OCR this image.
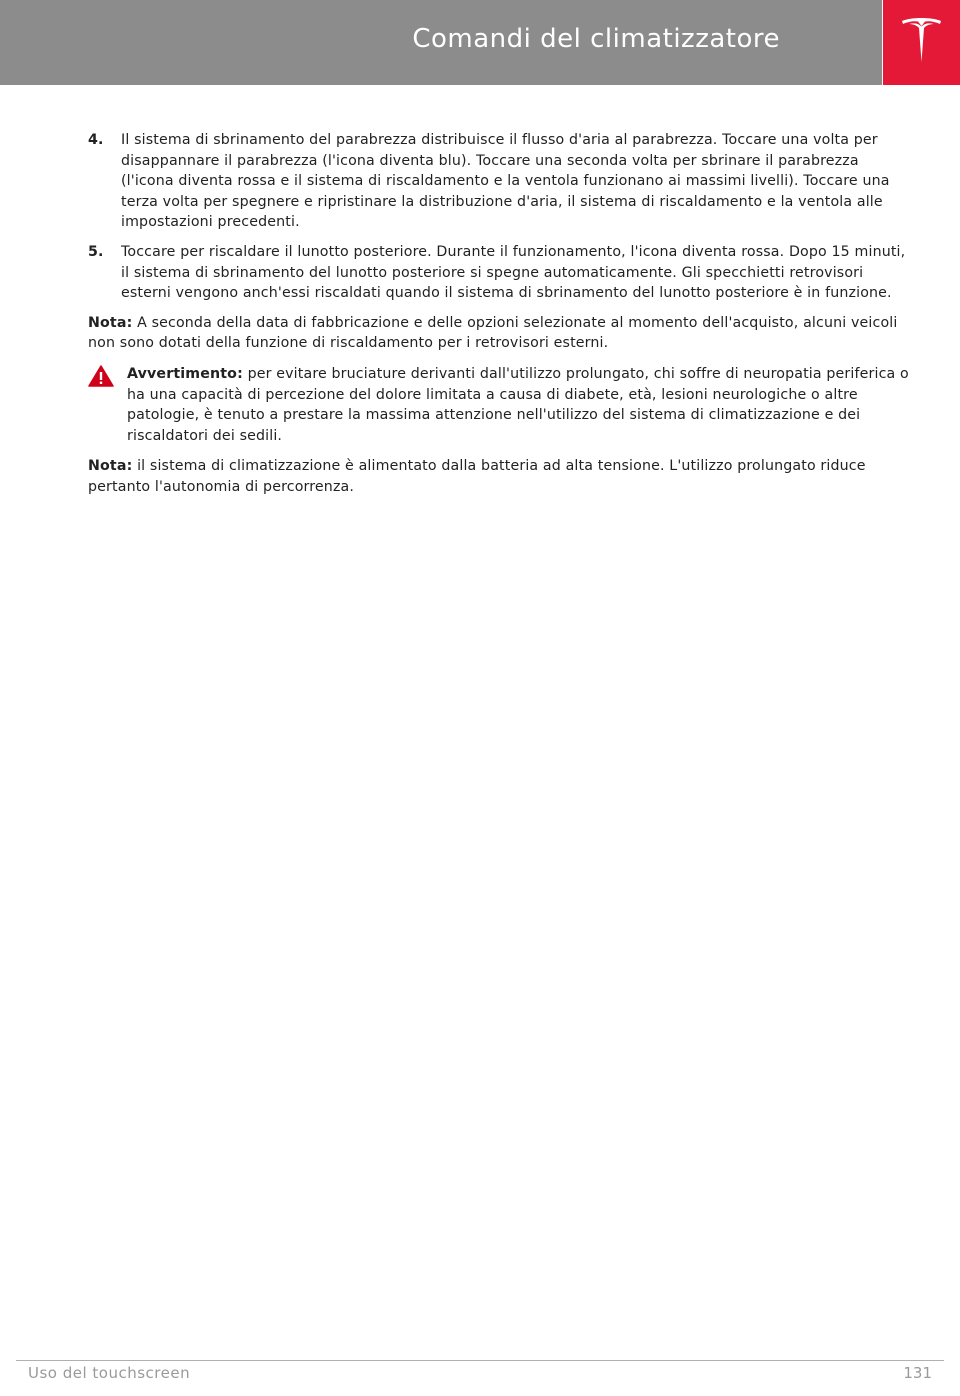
Comandi del climatizzatore
4.	Il sistema di sbrinamento del parabrezza distribuisce il flusso d'aria al parabrezza. Toccare una volta per disappannare il parabrezza (l'icona diventa blu). Toccare una seconda volta per sbrinare il parabrezza (l'icona diventa rossa e il sistema di riscaldamento e la ventola funzionano ai massimi livelli). Toccare una terza volta per spegnere e ripristinare la distribuzione d'aria, il sistema di riscaldamento e la ventola alle impostazioni precedenti.
5.	Toccare per riscaldare il lunotto posteriore. Durante il funzionamento, l'icona diventa rossa. Dopo 15 minuti, il sistema di sbrinamento del lunotto posteriore si spegne automaticamente. Gli specchietti retrovisori esterni vengono anch'essi riscaldati quando il sistema di sbrinamento del lunotto posteriore è in funzione.
Nota: A seconda della data di fabbricazione e delle opzioni selezionate al momento dell'acquisto, alcuni veicoli non sono dotati della funzione di riscaldamento per i retrovisori esterni.
Avvertimento: per evitare bruciature derivanti dall'utilizzo prolungato, chi soffre di neuropatia periferica o ha una capacità di percezione del dolore limitata a causa di diabete, età, lesioni neurologiche o altre patologie, è tenuto a prestare la massima attenzione nell'utilizzo del sistema di climatizzazione e dei riscaldatori dei sedili.
Nota: il sistema di climatizzazione è alimentato dalla batteria ad alta tensione. L'utilizzo prolungato riduce pertanto l'autonomia di percorrenza.
Uso del touchscreen	131
